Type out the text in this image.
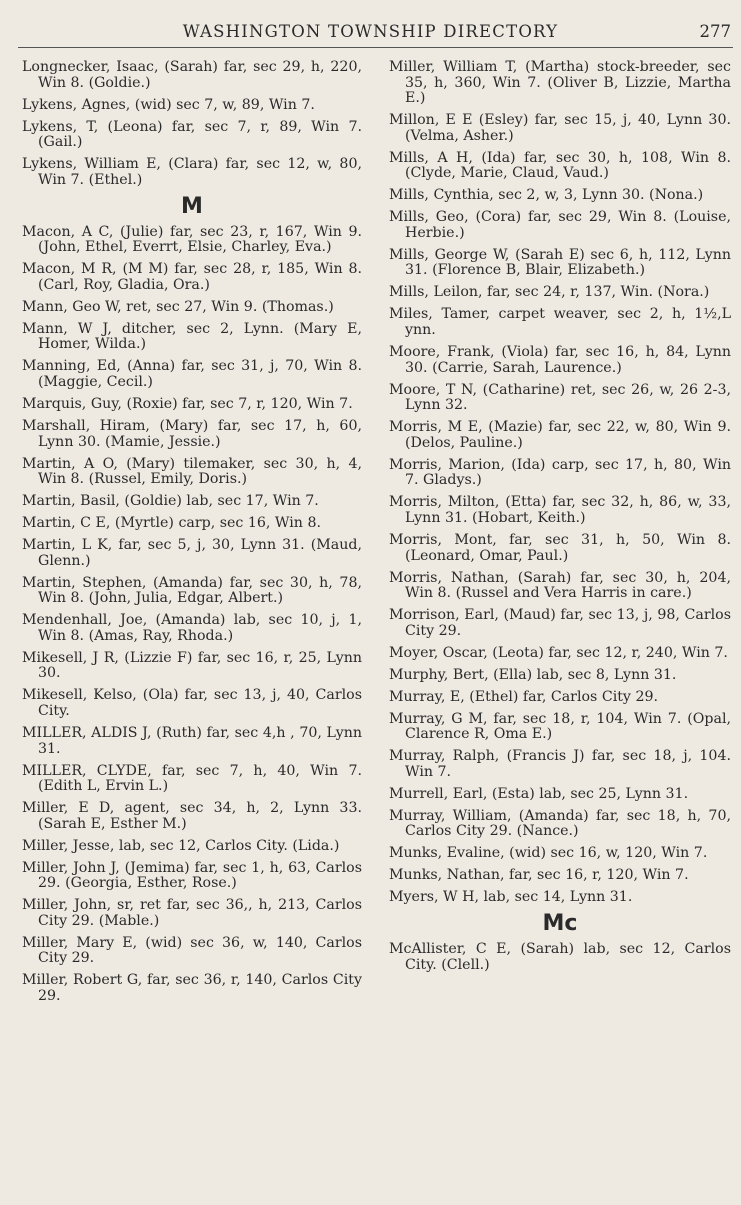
WASHINGTON TOWNSHIP DIRECTORY	277

Longnecker, Isaac, (Sarah) far, sec 29, h, 220, Win 8. (Goldie.)

Lykens, Agnes, (wid) sec 7, w, 89, Win 7.

Lykens, T, (Leona) far, sec 7, r, 89, Win 7. (Gail.)

Lykens, William E, (Clara) far, sec 12, w, 80, Win 7. (Ethel.)

M

Macon, A C, (Julie) far, sec 23, r, 167, Win 9. (John, Ethel, Everrt, Elsie, Charley, Eva.)

Macon, M R, (M M) far, sec 28, r, 185, Win 8. (Carl, Roy, Gladia, Ora.)

Mann, Geo W, ret, sec 27, Win 9. (Thomas.)

Mann, W J, ditcher, sec 2, Lynn. (Mary E, Homer, Wilda.)

Manning, Ed, (Anna) far, sec 31, j, 70, Win 8. (Maggie, Cecil.)

Marquis, Guy, (Roxie) far, sec 7, r, 120, Win 7.

Marshall, Hiram, (Mary) far, sec 17, h, 60, Lynn 30. (Mamie, Jessie.)

Martin, A O, (Mary) tilemaker, sec 30, h, 4, Win 8. (Russel, Emily, Doris.)

Martin, Basil, (Goldie) lab, sec 17, Win 7.

Martin, C E, (Myrtle) carp, sec 16, Win 8.

Martin, L K, far, sec 5, j, 30, Lynn 31. (Maud, Glenn.)

Martin, Stephen, (Amanda) far, sec 30, h, 78, Win 8. (John, Julia, Edgar, Albert.)

Mendenhall, Joe, (Amanda) lab, sec 10, j, 1, Win 8. (Amas, Ray, Rhoda.)

Mikesell, J R, (Lizzie F) far, sec 16, r, 25, Lynn 30.

Mikesell, Kelso, (Ola) far, sec 13, j, 40, Carlos City.

MILLER, ALDIS J, (Ruth) far, sec 4,h , 70, Lynn 31.

MILLER, CLYDE, far, sec 7, h, 40, Win 7. (Edith L, Ervin L.)

Miller, E D, agent, sec 34, h, 2, Lynn 33. (Sarah E, Esther M.)

Miller, Jesse, lab, sec 12, Carlos City. (Lida.)

Miller, John J, (Jemima) far, sec 1, h, 63, Carlos 29. (Georgia, Esther, Rose.)

Miller, John, sr, ret far, sec 36,, h, 213, Carlos City 29. (Mable.)

Miller, Mary E, (wid) sec 36, w, 140, Carlos City 29.

Miller, Robert G, far, sec 36, r, 140, Carlos City 29.

Miller, William T, (Martha) stock-breeder, sec 35, h, 360, Win 7. (Oliver B, Lizzie, Martha E.)

Millon, E E (Esley) far, sec 15, j, 40, Lynn 30. (Velma, Asher.)

Mills, A H, (Ida) far, sec 30, h, 108, Win 8. (Clyde, Marie, Claud, Vaud.)

Mills, Cynthia, sec 2, w, 3, Lynn 30. (Nona.)

Mills, Geo, (Cora) far, sec 29, Win 8. (Louise, Herbie.)

Mills, George W, (Sarah E) sec 6, h, 112, Lynn 31. (Florence B, Blair, Elizabeth.)

Mills, Leilon, far, sec 24, r, 137, Win. (Nora.)

Miles, Tamer, carpet weaver, sec 2, h, 1½,L ynn.

Moore, Frank, (Viola) far, sec 16, h, 84, Lynn 30. (Carrie, Sarah, Laurence.)

Moore, T N, (Catharine) ret, sec 26, w, 26 2-3, Lynn 32.

Morris, M E, (Mazie) far, sec 22, w, 80, Win 9. (Delos, Pauline.)

Morris, Marion, (Ida) carp, sec 17, h, 80, Win 7. Gladys.)

Morris, Milton, (Etta) far, sec 32, h, 86, w, 33, Lynn 31. (Hobart, Keith.)

Morris, Mont, far, sec 31, h, 50, Win 8. (Leonard, Omar, Paul.)

Morris, Nathan, (Sarah) far, sec 30, h, 204, Win 8. (Russel and Vera Harris in care.)

Morrison, Earl, (Maud) far, sec 13, j, 98, Carlos City 29.

Moyer, Oscar, (Leota) far, sec 12, r, 240, Win 7.

Murphy, Bert, (Ella) lab, sec 8, Lynn 31.

Murray, E, (Ethel) far, Carlos City 29.

Murray, G M, far, sec 18, r, 104, Win 7. (Opal, Clarence R, Oma E.)

Murray, Ralph, (Francis J) far, sec 18, j, 104. Win 7.

Murrell, Earl, (Esta) lab, sec 25, Lynn 31.

Murray, William, (Amanda) far, sec 18, h, 70, Carlos City 29. (Nance.)

Munks, Evaline, (wid) sec 16, w, 120, Win 7.

Munks, Nathan, far, sec 16, r, 120, Win 7.

Myers, W H, lab, sec 14, Lynn 31.

Mc

McAllister, C E, (Sarah) lab, sec 12, Carlos City. (Clell.)
